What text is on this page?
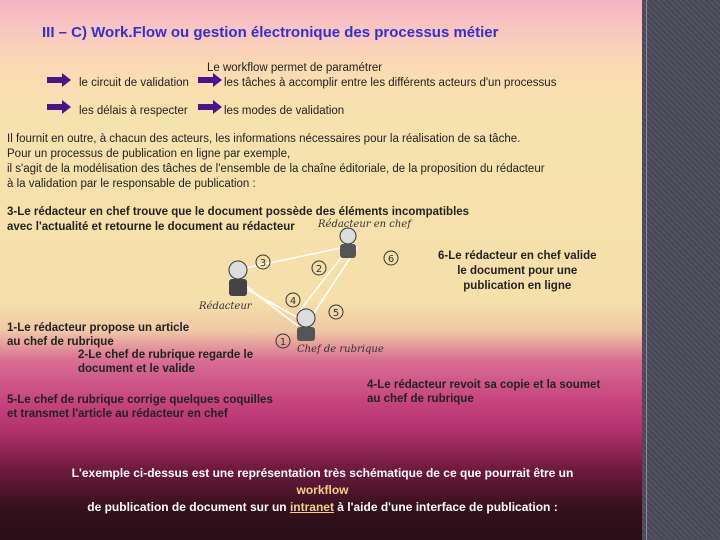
III – C) Work.Flow ou gestion électronique des processus métier
Le workflow permet de paramétrer
le circuit de validation	les tâches à accomplir entre les différents acteurs d'un processus
les délais à respecter	les modes de validation
Il fournit en outre, à chacun des acteurs, les informations nécessaires pour la réalisation de sa tâche.
Pour un processus de publication en ligne par exemple,
il s'agit de la modélisation des tâches de l'ensemble de la chaîne éditoriale, de la proposition du rédacteur
à la validation par le responsable de publication :
3-Le rédacteur en chef trouve que le document possède des éléments incompatibles
avec l'actualité et retourne le document au rédacteur
6-Le rédacteur en chef valide
le document pour une
publication en ligne
1-Le rédacteur propose un article
au chef de rubrique
2-Le chef de rubrique regarde le
document et le valide
5-Le chef de rubrique corrige quelques coquilles
et transmet l'article au rédacteur en chef
4-Le rédacteur revoit sa copie et la soumet
au chef de rubrique
3
2
6
4
5
1
Rédacteur en chef
Rédacteur
Chef de rubrique
L'exemple ci-dessus est une représentation très schématique de ce que pourrait être un
workflow
de publication de document sur un intranet à l'aide d'une interface de publication :
